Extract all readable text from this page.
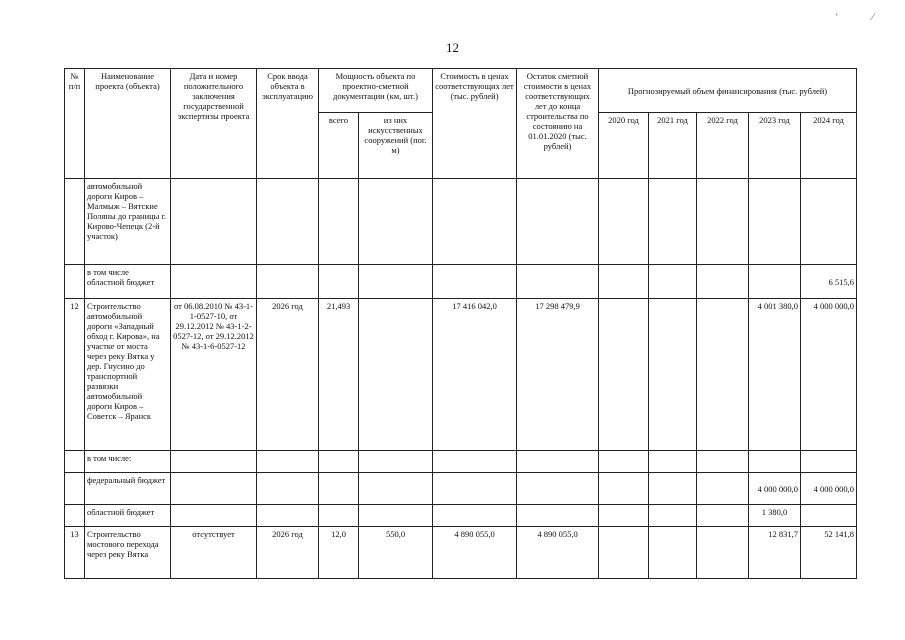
'	⁄
12
№ п/п	Наименование проекта (объекта)	Дата и номер положительного заключения государственной экспертизы проекта	Срок ввода объекта в эксплуатацию	Мощность объекта по проектно-сметной документации (км, шт.)		Стоимость в ценах соответствующих лет (тыс. рублей)	Остаток сметной стоимости в ценах соответствующих лет до конца строительства по состоянию на 01.01.2020 (тыс. рублей)	Прогнозируемый объем финансирования (тыс. рублей)				
				всего	из них искусственных сооружений (пог. м)			2020 год	2021 год	2022 год	2023 год	2024 год
	автомобильной дороги Киров – Малмыж – Вятские Поляны до границы г. Кирово-Чепецк (2-й участок)											
	в том числе областной бюджет											6 515,6
12	Строительство автомобильной дороги «Западный обход г. Кирова», на участке от моста через реку Вятка у дер. Гнусино до транспортной развязки автомобильной дороги Киров – Советск – Яранск	от 06.08.2010 № 43-1-1-0527-10, от 29.12.2012 № 43-1-2-0527-12, от 29.12.2012 № 43-1-6-0527-12	2026 год	21,493		17 416 042,0	17 298 479,9				4 001 380,0	4 000 000,0
	в том числе:											
	федеральный бюджет										4 000 000,0	4 000 000,0
	областной бюджет										1 380,0	
13	Строительство мостового перехода через реку Вятка	отсутствует	2026 год	12,0	550,0	4 890 055,0	4 890 055,0				12 831,7	52 141,8
